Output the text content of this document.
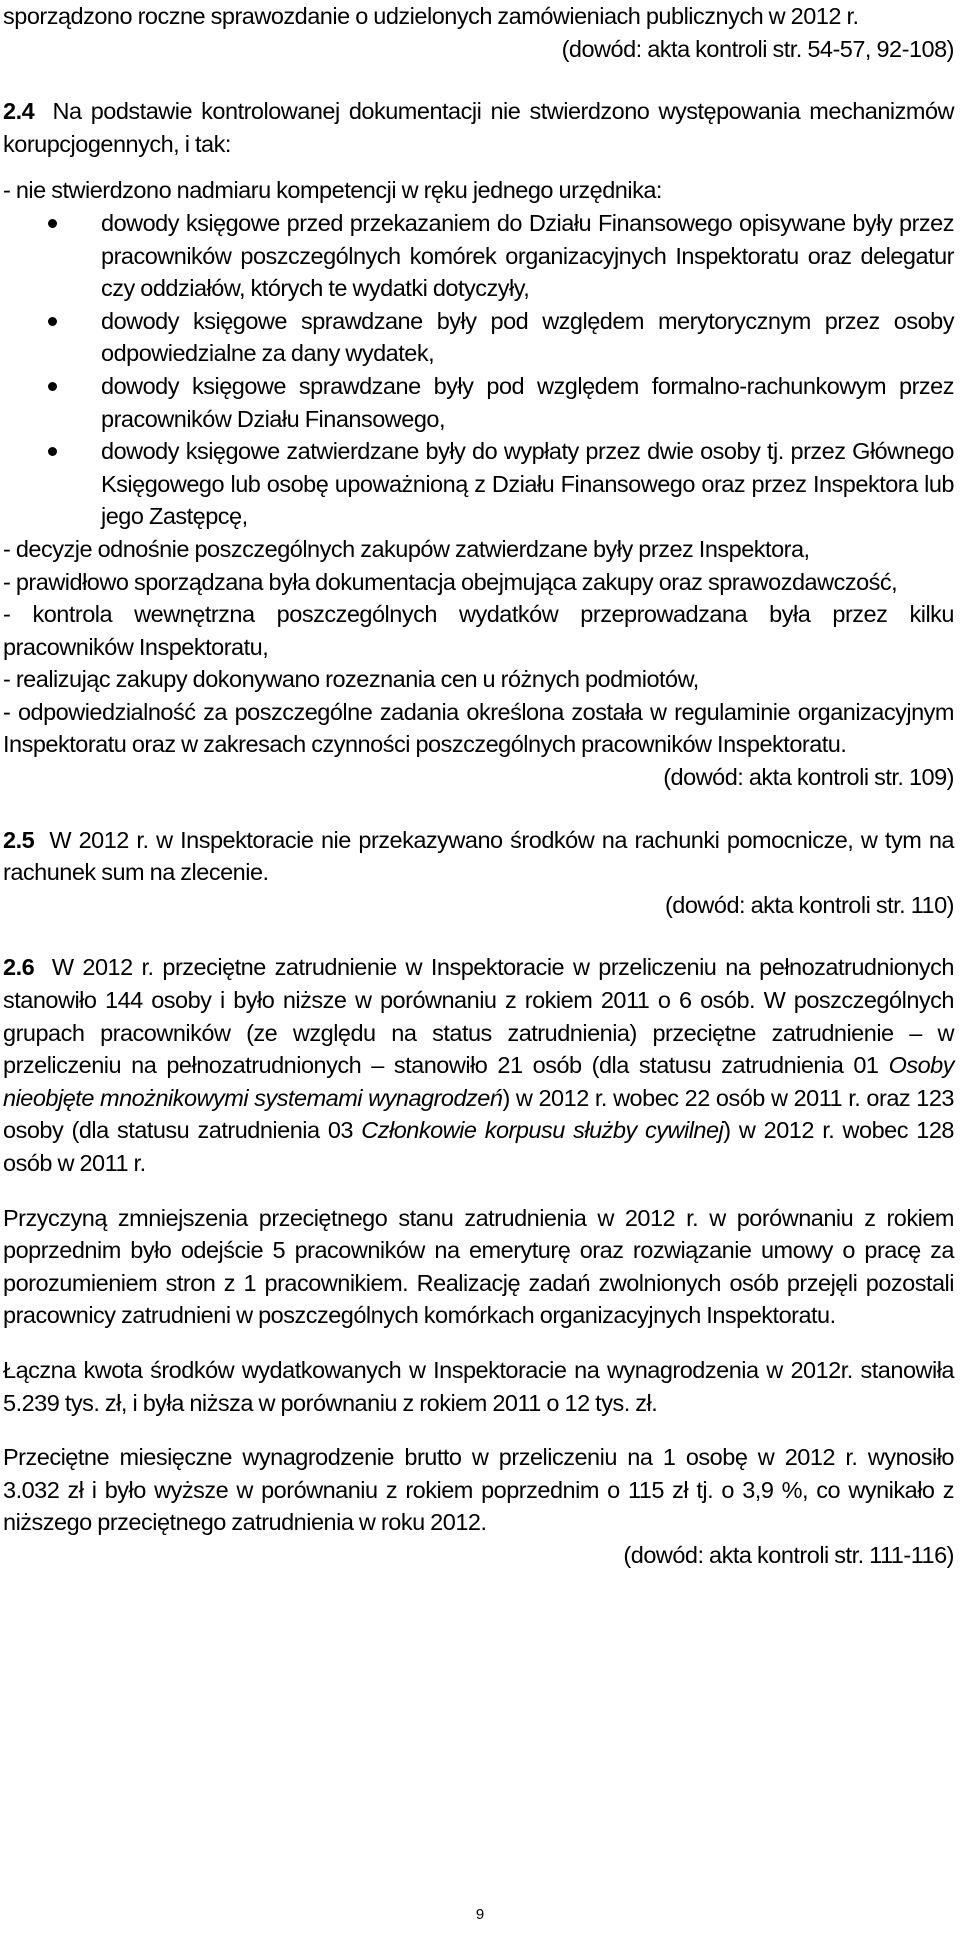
sporządzono roczne sprawozdanie o udzielonych zamówieniach publicznych w 2012 r.

(dowód: akta kontroli str. 54-57, 92-108)

2.4 Na podstawie kontrolowanej dokumentacji nie stwierdzono występowania mechanizmów korupcjogennych, i tak:

- nie stwierdzono nadmiaru kompetencji w ręku jednego urzędnika:

dowody księgowe przed przekazaniem do Działu Finansowego opisywane były przez pracowników poszczególnych komórek organizacyjnych Inspektoratu oraz delegatur czy oddziałów, których te wydatki dotyczyły,
dowody księgowe sprawdzane były pod względem merytorycznym przez osoby odpowiedzialne za dany wydatek,
dowody księgowe sprawdzane były pod względem formalno-rachunkowym przez pracowników Działu Finansowego,
dowody księgowe zatwierdzane były do wypłaty przez dwie osoby tj. przez Głównego Księgowego lub osobę upoważnioną z Działu Finansowego oraz przez Inspektora lub jego Zastępcę,

- decyzje odnośnie poszczególnych zakupów zatwierdzane były przez Inspektora,

- prawidłowo sporządzana była dokumentacja obejmująca zakupy oraz sprawozdawczość,

- kontrola wewnętrzna poszczególnych wydatków przeprowadzana była przez kilku pracowników Inspektoratu,

- realizując zakupy dokonywano rozeznania cen u różnych podmiotów,

- odpowiedzialność za poszczególne zadania określona została w regulaminie organizacyjnym Inspektoratu oraz w zakresach czynności poszczególnych pracowników Inspektoratu.

(dowód: akta kontroli str. 109)

2.5 W 2012 r. w Inspektoracie nie przekazywano środków na rachunki pomocnicze, w tym na rachunek sum na zlecenie.

(dowód: akta kontroli str. 110)

2.6 W 2012 r. przeciętne zatrudnienie w Inspektoracie w przeliczeniu na pełnozatrudnionych stanowiło 144 osoby i było niższe w porównaniu z rokiem 2011 o 6 osób. W poszczególnych grupach pracowników (ze względu na status zatrudnienia) przeciętne zatrudnienie – w przeliczeniu na pełnozatrudnionych – stanowiło 21 osób (dla statusu zatrudnienia 01 Osoby nieobjęte mnożnikowymi systemami wynagrodzeń) w 2012 r. wobec 22 osób w 2011 r. oraz 123 osoby (dla statusu zatrudnienia 03 Członkowie korpusu służby cywilnej) w 2012 r. wobec 128 osób w 2011 r.

Przyczyną zmniejszenia przeciętnego stanu zatrudnienia w 2012 r. w porównaniu z rokiem poprzednim było odejście 5 pracowników na emeryturę oraz rozwiązanie umowy o pracę za porozumieniem stron z 1 pracownikiem. Realizację zadań zwolnionych osób przejęli pozostali pracownicy zatrudnieni w poszczególnych komórkach organizacyjnych Inspektoratu.

Łączna kwota środków wydatkowanych w Inspektoracie na wynagrodzenia w 2012r. stanowiła 5.239 tys. zł, i była niższa w porównaniu z rokiem 2011 o 12 tys. zł.

Przeciętne miesięczne wynagrodzenie brutto w przeliczeniu na 1 osobę w 2012 r. wynosiło 3.032 zł i było wyższe w porównaniu z rokiem poprzednim o 115 zł tj. o 3,9 %, co wynikało z niższego przeciętnego zatrudnienia w roku 2012.

(dowód: akta kontroli str. 111-116)

9
